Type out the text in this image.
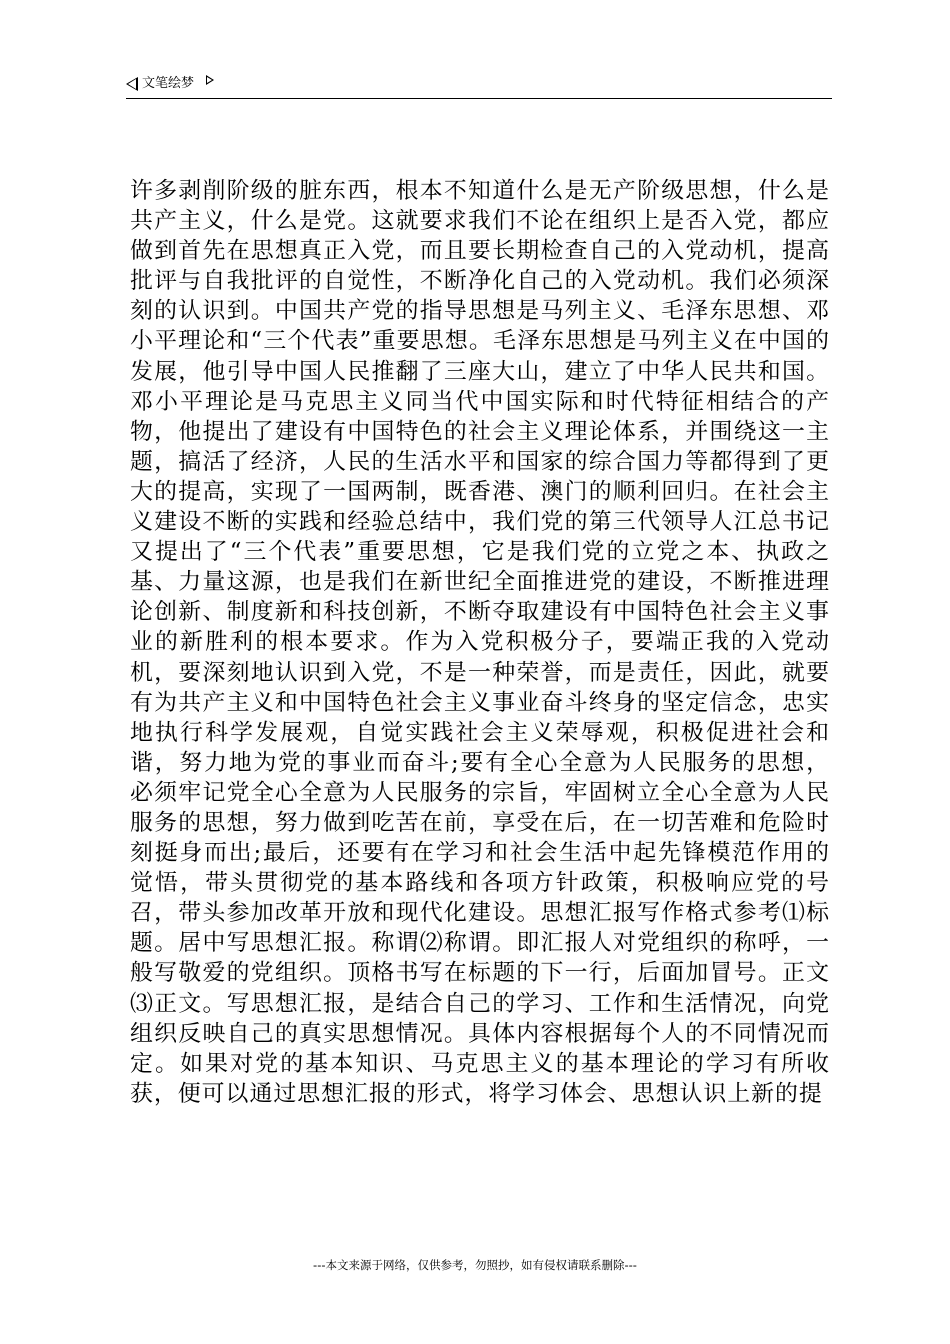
文笔绘梦

许多剥削阶级的脏东西，根本不知道什么是无产阶级思想，什么是共产主义，什么是党。这就要求我们不论在组织上是否入党，都应做到首先在思想真正入党，而且要长期检查自己的入党动机，提高批评与自我批评的自觉性，不断净化自己的入党动机。我们必须深刻的认识到。中国共产党的指导思想是马列主义、毛泽东思想、邓小平理论和“三个代表”重要思想。毛泽东思想是马列主义在中国的发展，他引导中国人民推翻了三座大山，建立了中华人民共和国。邓小平理论是马克思主义同当代中国实际和时代特征相结合的产物，他提出了建设有中国特色的社会主义理论体系，并围绕这一主题，搞活了经济，人民的生活水平和国家的综合国力等都得到了更大的提高，实现了一国两制，既香港、澳门的顺利回归。在社会主义建设不断的实践和经验总结中，我们党的第三代领导人江总书记又提出了“三个代表”重要思想，它是我们党的立党之本、执政之基、力量这源，也是我们在新世纪全面推进党的建设，不断推进理论创新、制度新和科技创新，不断夺取建设有中国特色社会主义事业的新胜利的根本要求。作为入党积极分子，要端正我的入党动机，要深刻地认识到入党，不是一种荣誉，而是责任，因此，就要有为共产主义和中国特色社会主义事业奋斗终身的坚定信念，忠实地执行科学发展观，自觉实践社会主义荣辱观，积极促进社会和谐，努力地为党的事业而奋斗;要有全心全意为人民服务的思想，必须牢记党全心全意为人民服务的宗旨，牢固树立全心全意为人民服务的思想，努力做到吃苦在前，享受在后，在一切苦难和危险时刻挺身而出;最后，还要有在学习和社会生活中起先锋模范作用的觉悟，带头贯彻党的基本路线和各项方针政策，积极响应党的号召，带头参加改革开放和现代化建设。思想汇报写作格式参考⑴标题。居中写思想汇报。称谓⑵称谓。即汇报人对党组织的称呼，一般写敬爱的党组织。顶格书写在标题的下一行，后面加冒号。正文⑶正文。写思想汇报，是结合自己的学习、工作和生活情况，向党组织反映自己的真实思想情况。具体内容根据每个人的不同情况而定。如果对党的基本知识、马克思主义的基本理论的学习有所收获，便可以通过思想汇报的形式，将学习体会、思想认识上新的提

---本文来源于网络，仅供参考，勿照抄，如有侵权请联系删除---
